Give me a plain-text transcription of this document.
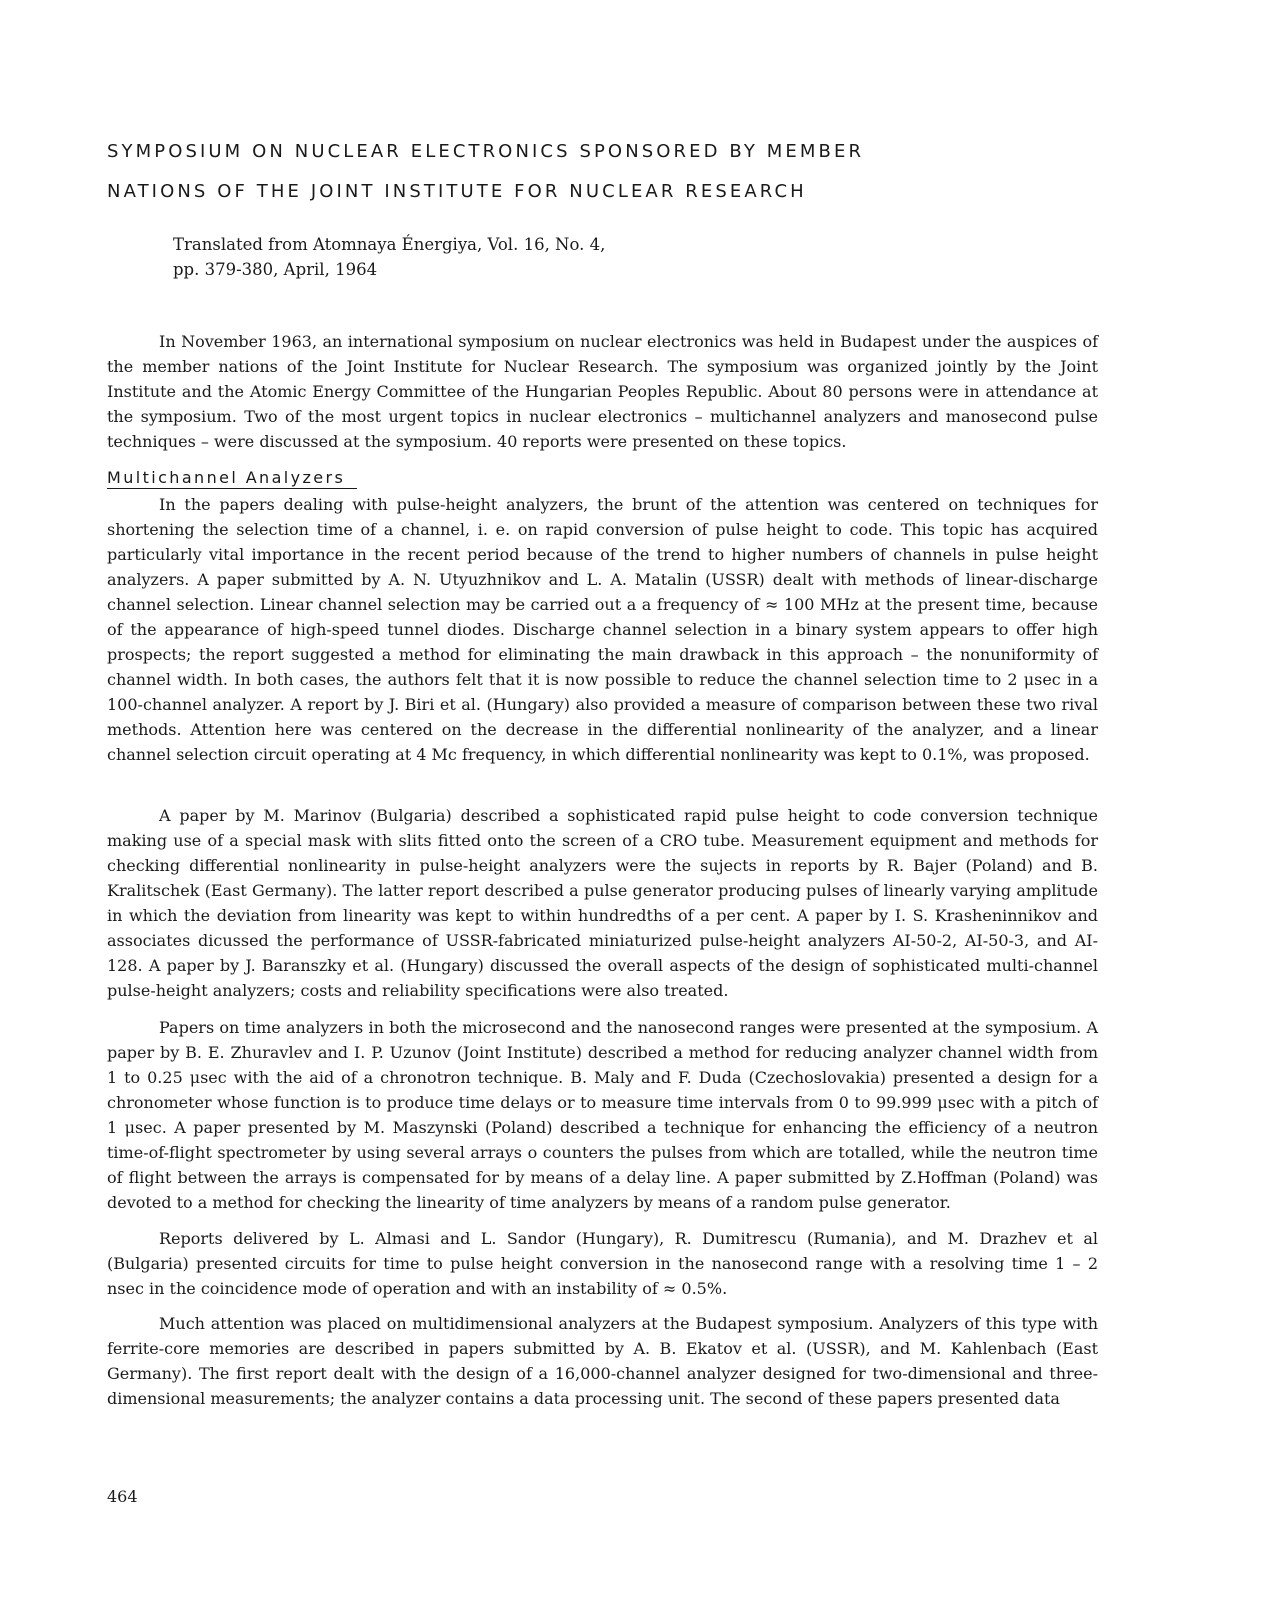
SYMPOSIUM ON NUCLEAR ELECTRONICS SPONSORED BY MEMBER
NATIONS OF THE JOINT INSTITUTE FOR NUCLEAR RESEARCH

Translated from Atomnaya Énergiya, Vol. 16, No. 4,
pp. 379-380, April, 1964

In November 1963, an international symposium on nuclear electronics was held in Budapest under the auspices of the member nations of the Joint Institute for Nuclear Research. The symposium was organized jointly by the Joint Institute and the Atomic Energy Committee of the Hungarian Peoples Republic. About 80 persons were in attendance at the symposium. Two of the most urgent topics in nuclear electronics – multichannel analyzers and manosecond pulse techniques – were discussed at the symposium. 40 reports were presented on these topics.

Multichannel Analyzers

In the papers dealing with pulse-height analyzers, the brunt of the attention was centered on techniques for shortening the selection time of a channel, i. e. on rapid conversion of pulse height to code. This topic has acquired particularly vital importance in the recent period because of the trend to higher numbers of channels in pulse height analyzers. A paper submitted by A. N. Utyuzhnikov and L. A. Matalin (USSR) dealt with methods of linear-discharge channel selection. Linear channel selection may be carried out a a frequency of ≈ 100 MHz at the present time, because of the appearance of high-speed tunnel diodes. Discharge channel selection in a binary system appears to offer high prospects; the report suggested a method for eliminating the main drawback in this approach – the nonuniformity of channel width. In both cases, the authors felt that it is now possible to reduce the channel selection time to 2 μsec in a 100-channel analyzer. A report by J. Biri et al. (Hungary) also provided a measure of comparison between these two rival methods. Attention here was centered on the decrease in the differential nonlinearity of the analyzer, and a linear channel selection circuit operating at 4 Mc frequency, in which differential nonlinearity was kept to 0.1%, was proposed.

A paper by M. Marinov (Bulgaria) described a sophisticated rapid pulse height to code conversion technique making use of a special mask with slits fitted onto the screen of a CRO tube. Measurement equipment and methods for checking differential nonlinearity in pulse-height analyzers were the sujects in reports by R. Bajer (Poland) and B. Kralitschek (East Germany). The latter report described a pulse generator producing pulses of linearly varying amplitude in which the deviation from linearity was kept to within hundredths of a per cent. A paper by I. S. Krasheninnikov and associates dicussed the performance of USSR-fabricated miniaturized pulse-height analyzers AI-50-2, AI-50-3, and AI-128. A paper by J. Baranszky et al. (Hungary) discussed the overall aspects of the design of sophisticated multi-channel pulse-height analyzers; costs and reliability specifications were also treated.

Papers on time analyzers in both the microsecond and the nanosecond ranges were presented at the symposium. A paper by B. E. Zhuravlev and I. P. Uzunov (Joint Institute) described a method for reducing analyzer channel width from 1 to 0.25 μsec with the aid of a chronotron technique. B. Maly and F. Duda (Czechoslovakia) presented a design for a chronometer whose function is to produce time delays or to measure time intervals from 0 to 99.999 μsec with a pitch of 1 μsec. A paper presented by M. Maszynski (Poland) described a technique for enhancing the efficiency of a neutron time-of-flight spectrometer by using several arrays o counters the pulses from which are totalled, while the neutron time of flight between the arrays is compensated for by means of a delay line. A paper submitted by Z.Hoffman (Poland) was devoted to a method for checking the linearity of time analyzers by means of a random pulse generator.

Reports delivered by L. Almasi and L. Sandor (Hungary), R. Dumitrescu (Rumania), and M. Drazhev et al (Bulgaria) presented circuits for time to pulse height conversion in the nanosecond range with a resolving time 1 – 2 nsec in the coincidence mode of operation and with an instability of ≈ 0.5%.

Much attention was placed on multidimensional analyzers at the Budapest symposium. Analyzers of this type with ferrite-core memories are described in papers submitted by A. B. Ekatov et al. (USSR), and M. Kahlenbach (East Germany). The first report dealt with the design of a 16,000-channel analyzer designed for two-dimensional and three-dimensional measurements; the analyzer contains a data processing unit. The second of these papers presented data

464
